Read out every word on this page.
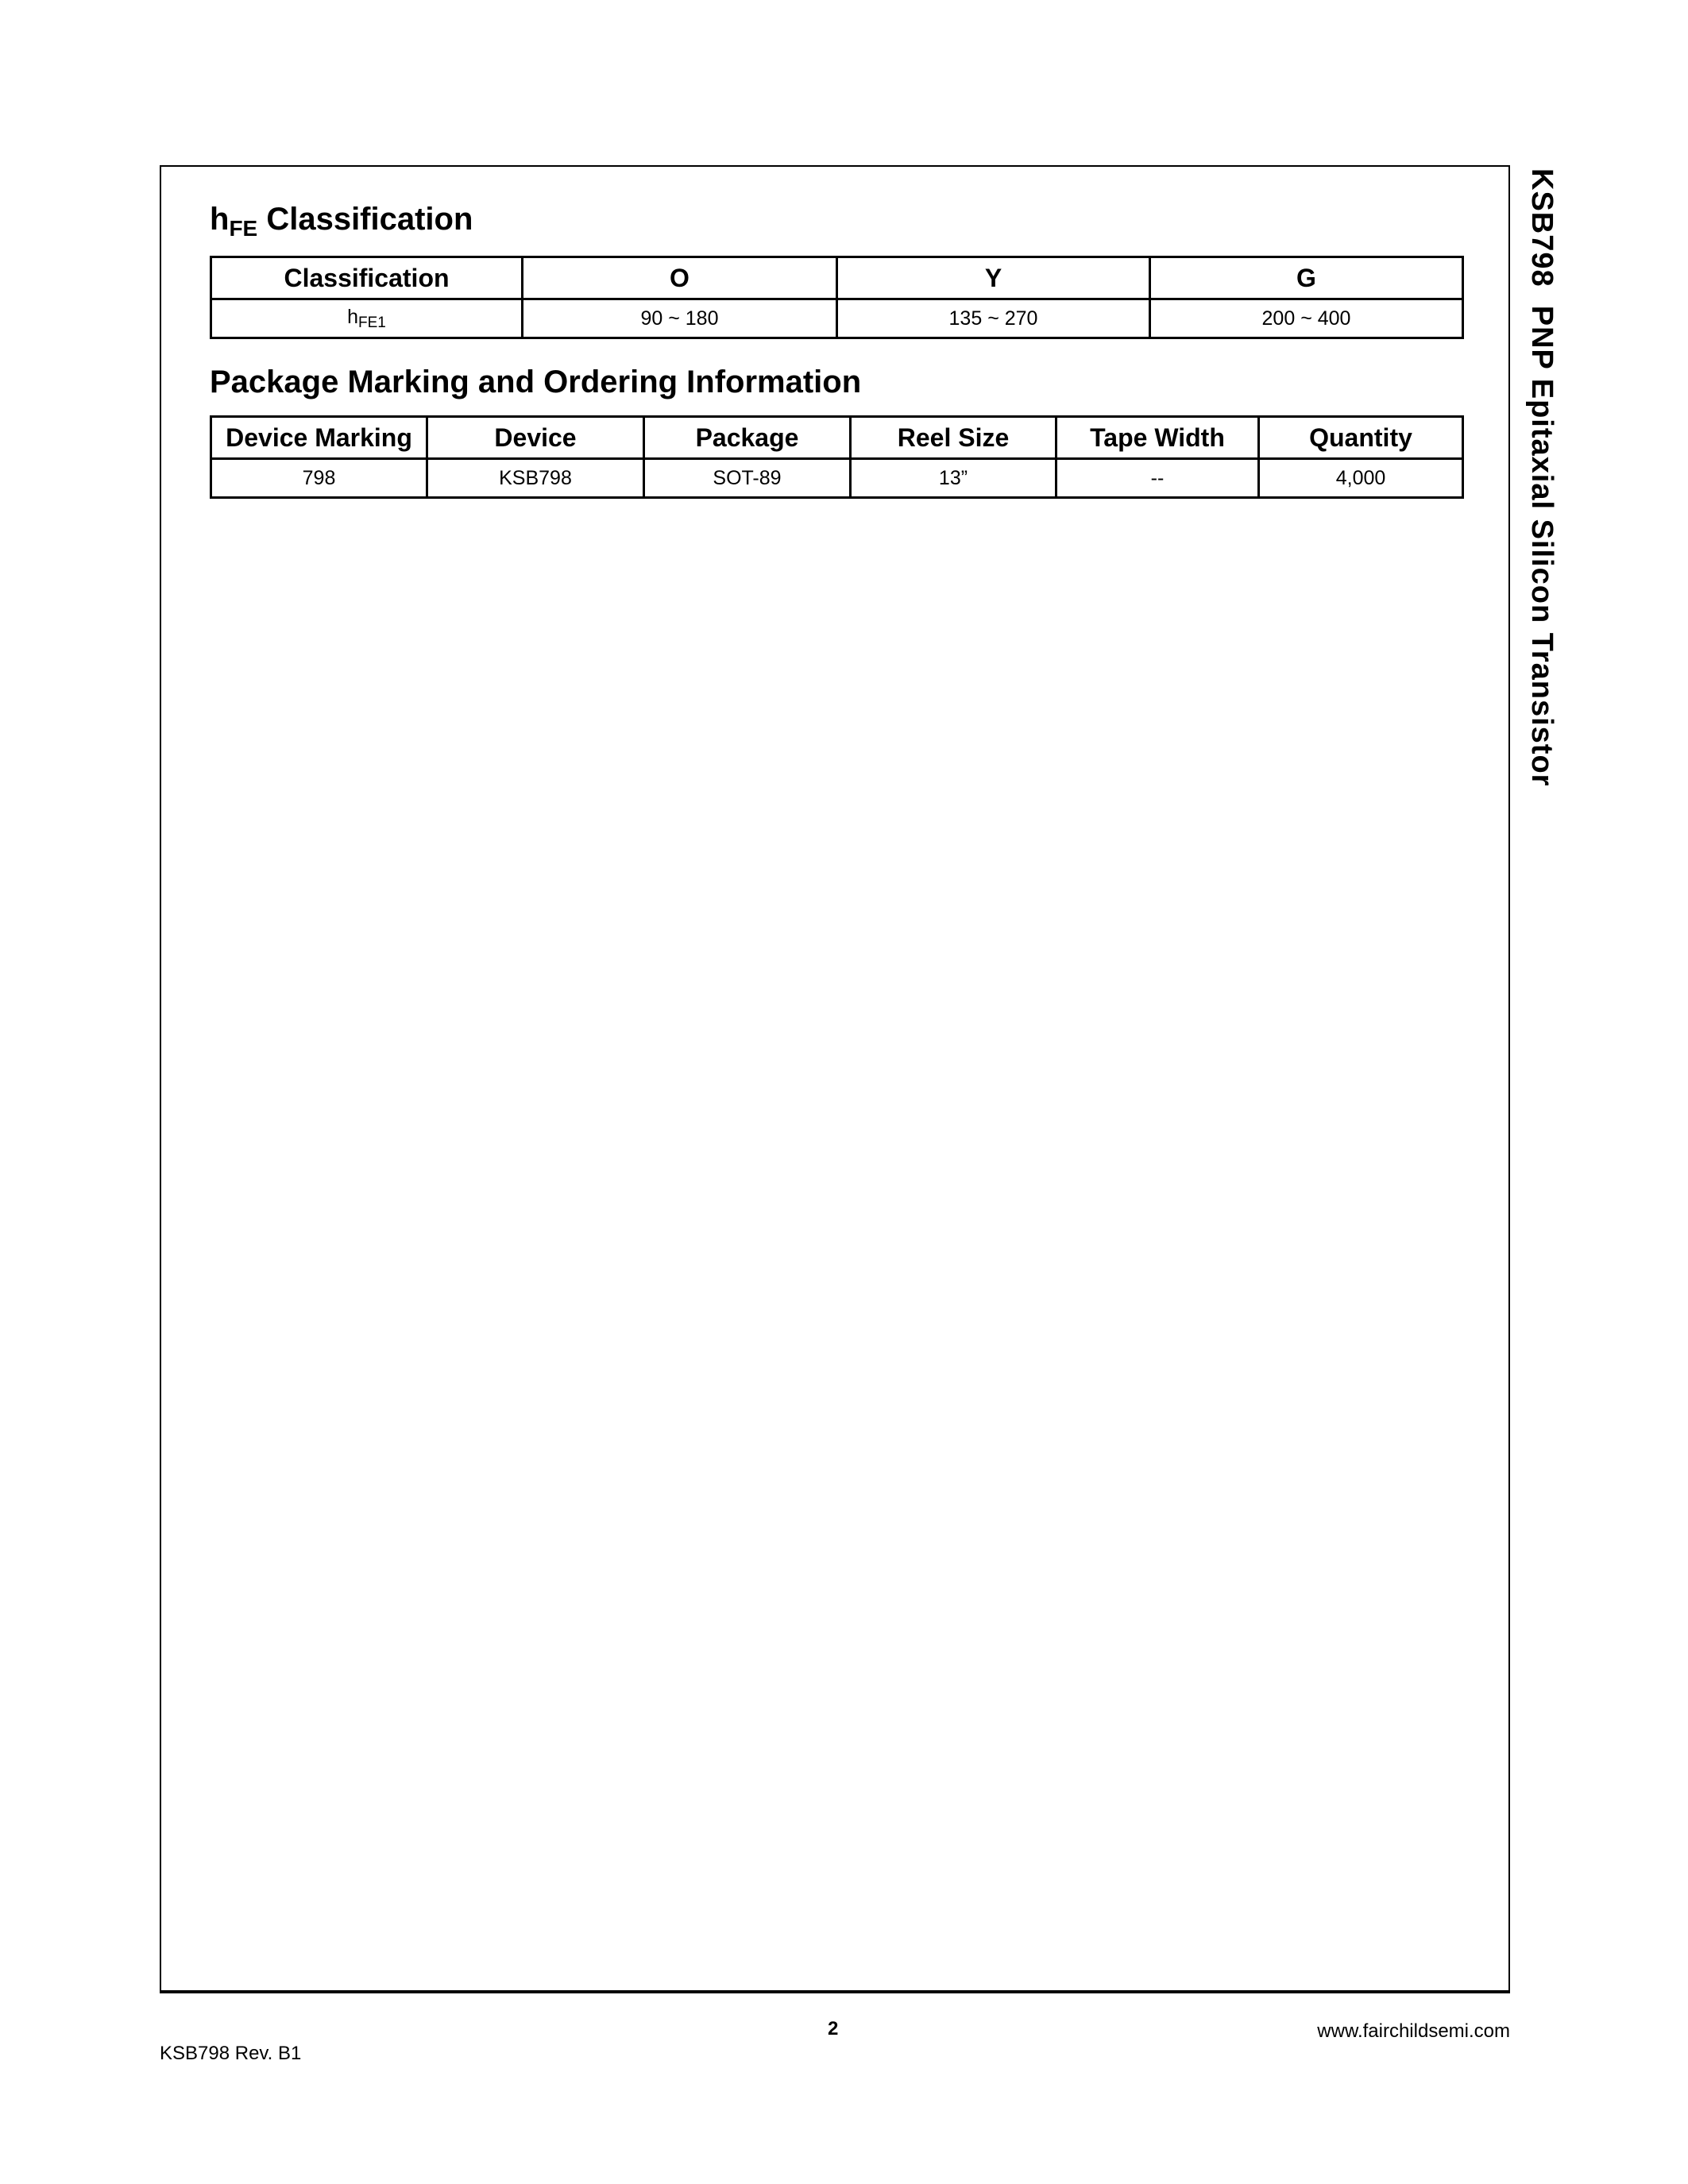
KSB798  PNP Epitaxial Silicon Transistor
$h_{FE}$ Classification
Classification	O	Y	G
$h_{FE1}$	90 ~ 180	135 ~ 270	200 ~ 400
Package Marking and Ordering Information
Device Marking	Device	Package	Reel Size	Tape Width	Quantity
798	KSB798	SOT-89	13”	--	4,000
2	www.fairchildsemi.com
KSB798 Rev. B1
